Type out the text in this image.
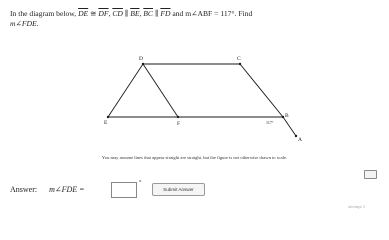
In the diagram below, $\overline{DE}$ ≅ $\overline{DF}$, $\overline{CD}$ ∥ $\overline{BE}$, $\overline{BC}$ ∥ $\overline{FD}$ and m∠ABF = 117°. Find
m∠FDE.
D	C
E	F
B
A
117°
You may assume lines that appear straight are straight, but the figure is not otherwise drawn to scale.
Answer: m∠FDE =
°
Submit Answer
attempt 1
